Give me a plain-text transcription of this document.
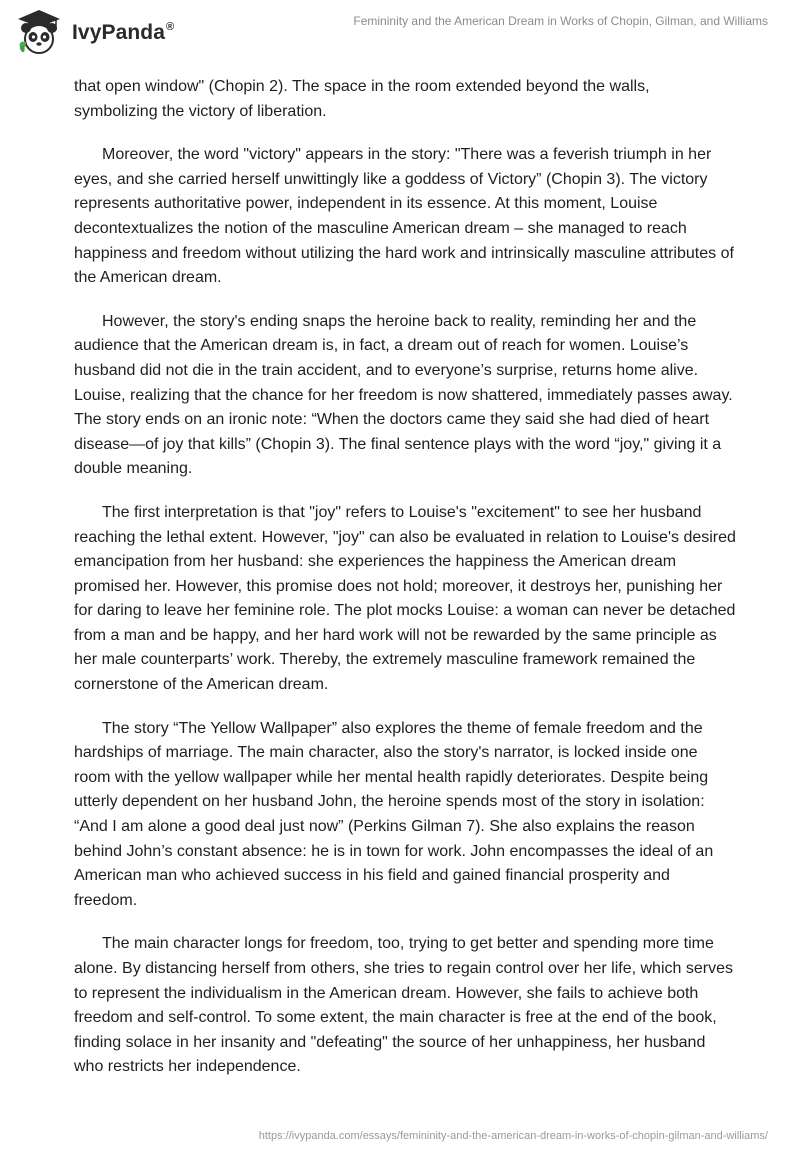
IvyPanda®	Femininity and the American Dream in Works of Chopin, Gilman, and Williams

that open window" (Chopin 2). The space in the room extended beyond the walls, symbolizing the victory of liberation.

Moreover, the word "victory" appears in the story: "There was a feverish triumph in her eyes, and she carried herself unwittingly like a goddess of Victory” (Chopin 3). The victory represents authoritative power, independent in its essence. At this moment, Louise decontextualizes the notion of the masculine American dream – she managed to reach happiness and freedom without utilizing the hard work and intrinsically masculine attributes of the American dream.

However, the story's ending snaps the heroine back to reality, reminding her and the audience that the American dream is, in fact, a dream out of reach for women. Louise’s husband did not die in the train accident, and to everyone’s surprise, returns home alive. Louise, realizing that the chance for her freedom is now shattered, immediately passes away. The story ends on an ironic note: “When the doctors came they said she had died of heart disease—of joy that kills” (Chopin 3). The final sentence plays with the word “joy," giving it a double meaning.

The first interpretation is that "joy" refers to Louise's "excitement" to see her husband reaching the lethal extent. However, "joy" can also be evaluated in relation to Louise's desired emancipation from her husband: she experiences the happiness the American dream promised her. However, this promise does not hold; moreover, it destroys her, punishing her for daring to leave her feminine role. The plot mocks Louise: a woman can never be detached from a man and be happy, and her hard work will not be rewarded by the same principle as her male counterparts’ work. Thereby, the extremely masculine framework remained the cornerstone of the American dream.

The story “The Yellow Wallpaper” also explores the theme of female freedom and the hardships of marriage. The main character, also the story's narrator, is locked inside one room with the yellow wallpaper while her mental health rapidly deteriorates. Despite being utterly dependent on her husband John, the heroine spends most of the story in isolation: “And I am alone a good deal just now” (Perkins Gilman 7). She also explains the reason behind John’s constant absence: he is in town for work. John encompasses the ideal of an American man who achieved success in his field and gained financial prosperity and freedom.

The main character longs for freedom, too, trying to get better and spending more time alone. By distancing herself from others, she tries to regain control over her life, which serves to represent the individualism in the American dream. However, she fails to achieve both freedom and self-control. To some extent, the main character is free at the end of the book, finding solace in her insanity and "defeating" the source of her unhappiness, her husband who restricts her independence.

https://ivypanda.com/essays/femininity-and-the-american-dream-in-works-of-chopin-gilman-and-williams/
